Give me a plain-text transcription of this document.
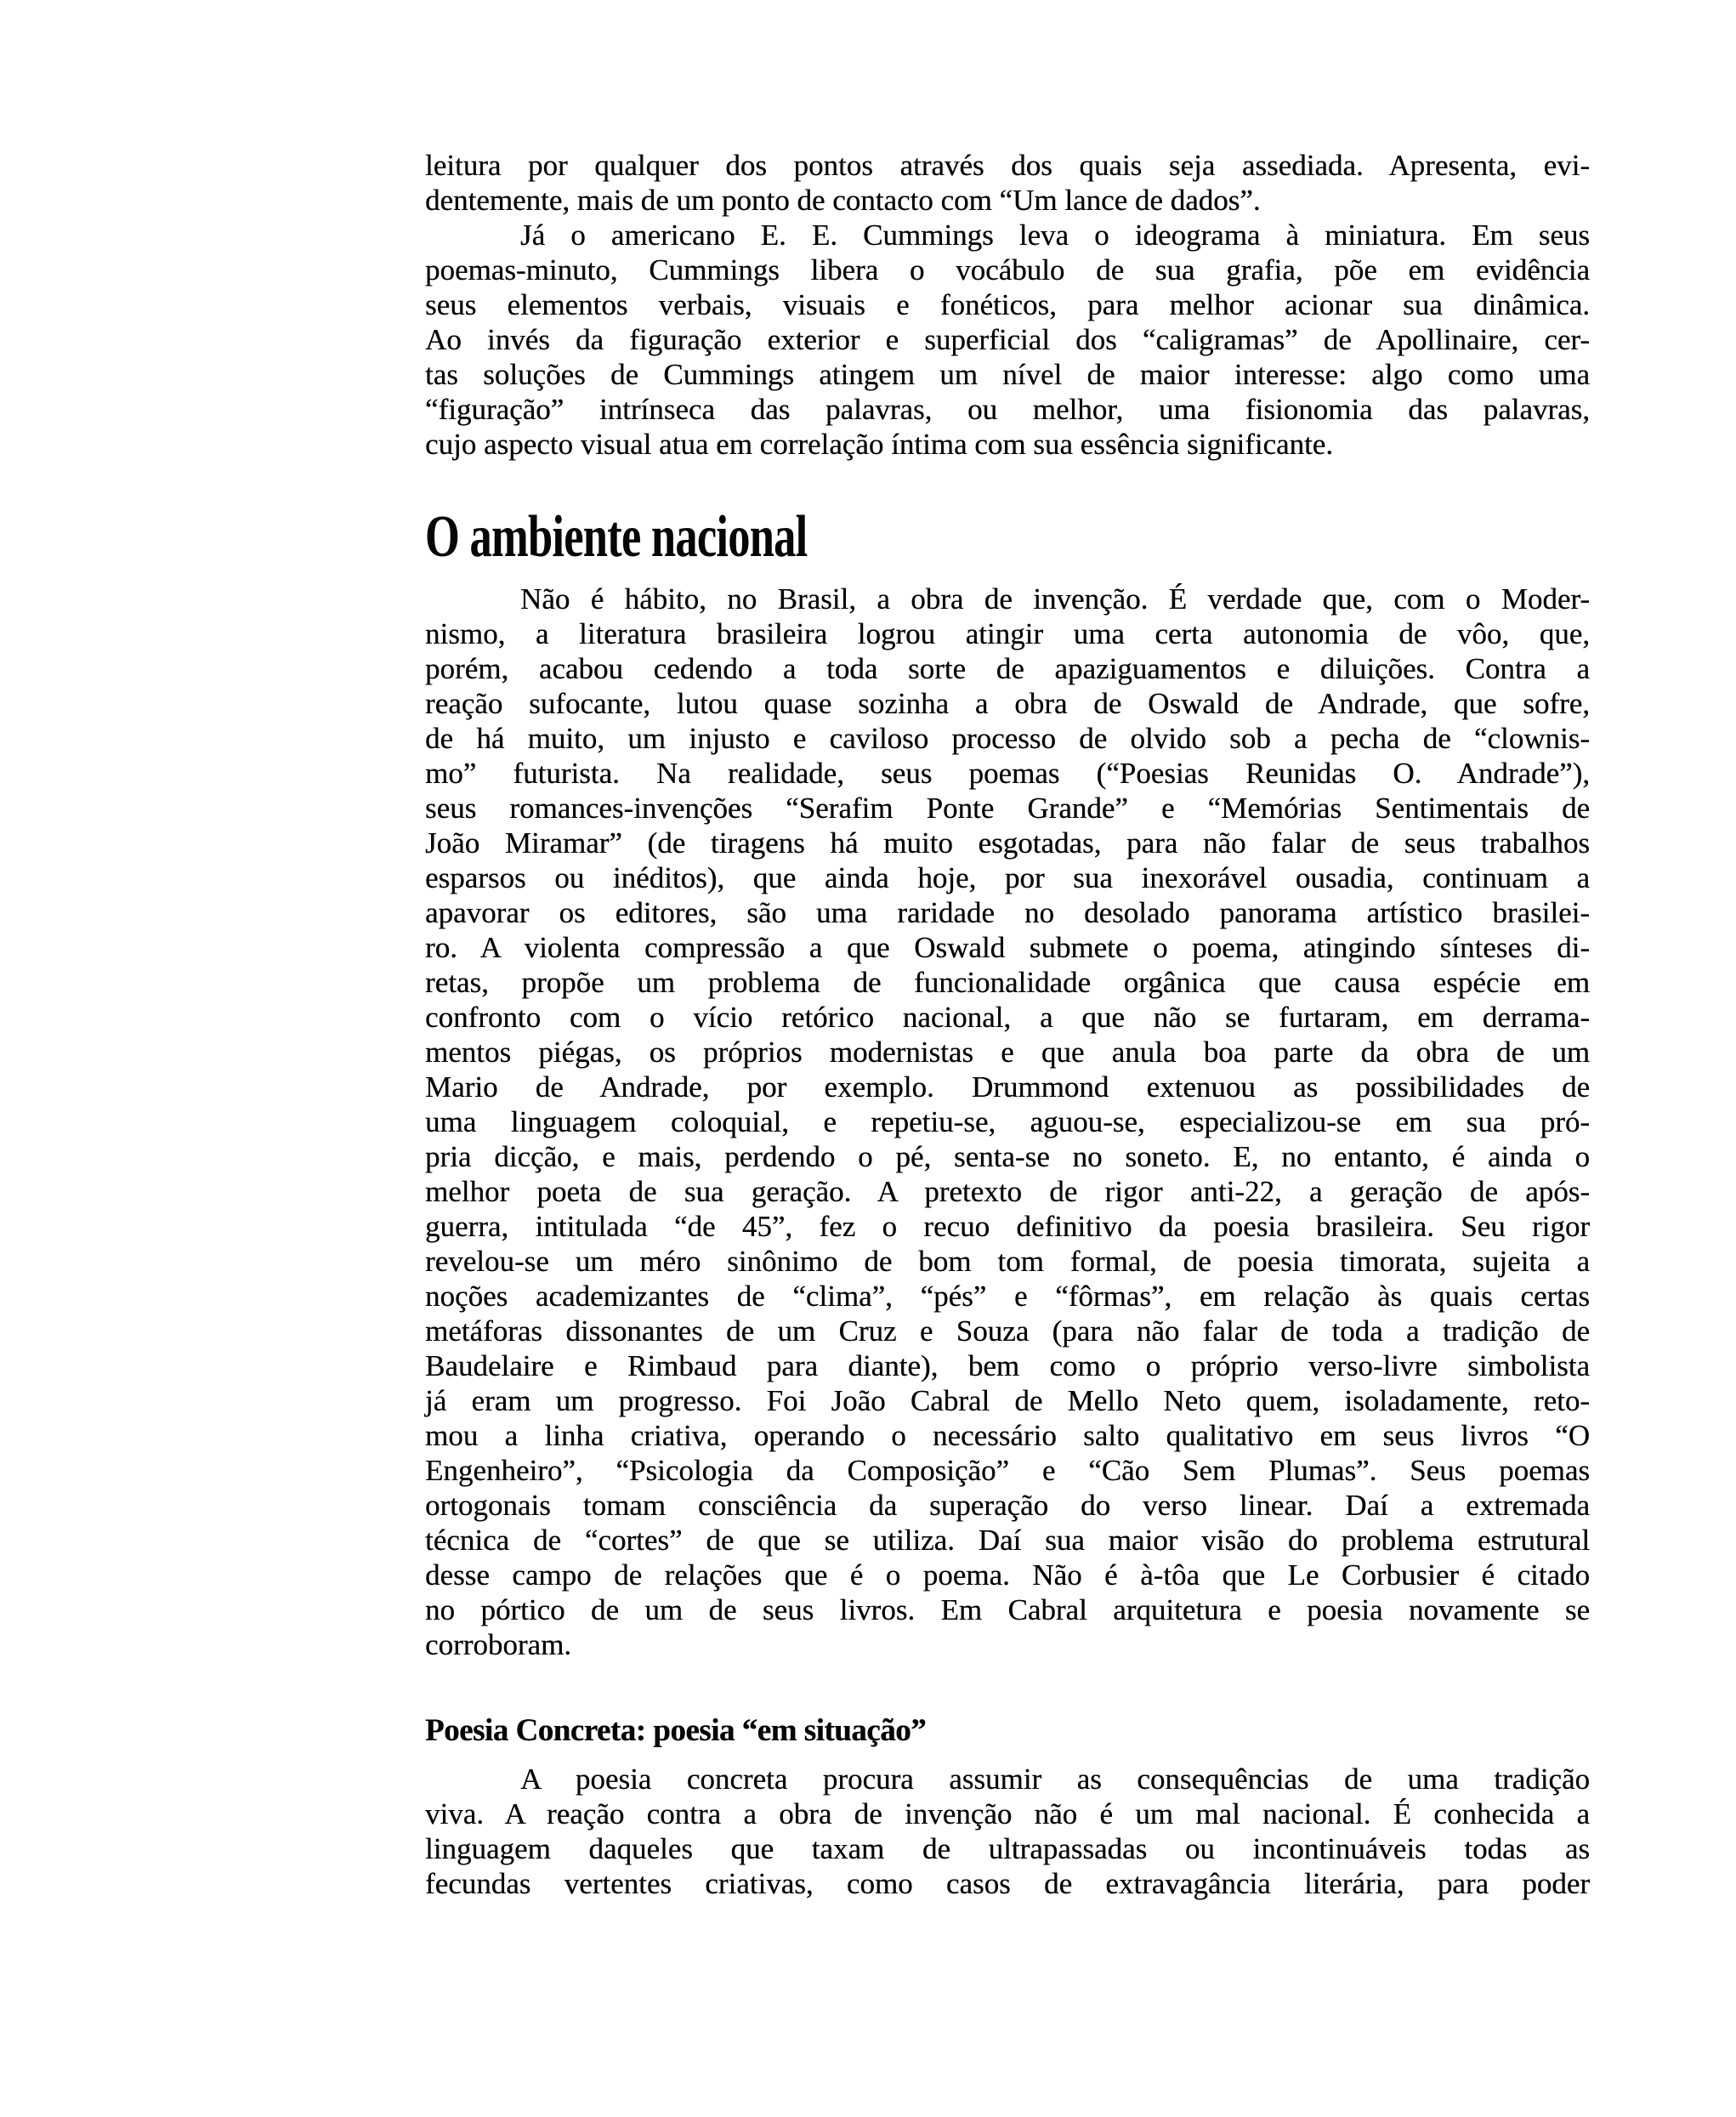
leitura por qualquer dos pontos através dos quais seja assediada. Apresenta, evi-
dentemente, mais de um ponto de contacto com “Um lance de dados”.

Já o americano E. E. Cummings leva o ideograma à miniatura. Em seus
poemas-minuto, Cummings libera o vocábulo de sua grafia, põe em evidência
seus elementos verbais, visuais e fonéticos, para melhor acionar sua dinâmica.
Ao invés da figuração exterior e superficial dos “caligramas” de Apollinaire, cer-
tas soluções de Cummings atingem um nível de maior interesse: algo como uma
“figuração” intrínseca das palavras, ou melhor, uma fisionomia das palavras,
cujo aspecto visual atua em correlação íntima com sua essência significante.

O ambiente nacional

Não é hábito, no Brasil, a obra de invenção. É verdade que, com o Moder-
nismo, a literatura brasileira logrou atingir uma certa autonomia de vôo, que,
porém, acabou cedendo a toda sorte de apaziguamentos e diluições. Contra a
reação sufocante, lutou quase sozinha a obra de Oswald de Andrade, que sofre,
de há muito, um injusto e caviloso processo de olvido sob a pecha de “clownis-
mo” futurista. Na realidade, seus poemas (“Poesias Reunidas O. Andrade”),
seus romances-invenções “Serafim Ponte Grande” e “Memórias Sentimentais de
João Miramar” (de tiragens há muito esgotadas, para não falar de seus trabalhos
esparsos ou inéditos), que ainda hoje, por sua inexorável ousadia, continuam a
apavorar os editores, são uma raridade no desolado panorama artístico brasilei-
ro. A violenta compressão a que Oswald submete o poema, atingindo sínteses di-
retas, propõe um problema de funcionalidade orgânica que causa espécie em
confronto com o vício retórico nacional, a que não se furtaram, em derrama-
mentos piégas, os próprios modernistas e que anula boa parte da obra de um
Mario de Andrade, por exemplo. Drummond extenuou as possibilidades de
uma linguagem coloquial, e repetiu-se, aguou-se, especializou-se em sua pró-
pria dicção, e mais, perdendo o pé, senta-se no soneto. E, no entanto, é ainda o
melhor poeta de sua geração. A pretexto de rigor anti-22, a geração de após-
guerra, intitulada “de 45”, fez o recuo definitivo da poesia brasileira. Seu rigor
revelou-se um méro sinônimo de bom tom formal, de poesia timorata, sujeita a
noções academizantes de “clima”, “pés” e “fôrmas”, em relação às quais certas
metáforas dissonantes de um Cruz e Souza (para não falar de toda a tradição de
Baudelaire e Rimbaud para diante), bem como o próprio verso-livre simbolista
já eram um progresso. Foi João Cabral de Mello Neto quem, isoladamente, reto-
mou a linha criativa, operando o necessário salto qualitativo em seus livros “O
Engenheiro”, “Psicologia da Composição” e “Cão Sem Plumas”. Seus poemas
ortogonais tomam consciência da superação do verso linear. Daí a extremada
técnica de “cortes” de que se utiliza. Daí sua maior visão do problema estrutural
desse campo de relações que é o poema. Não é à-tôa que Le Corbusier é citado
no pórtico de um de seus livros. Em Cabral arquitetura e poesia novamente se
corroboram.

Poesia Concreta: poesia “em situação”

A poesia concreta procura assumir as consequências de uma tradição
viva. A reação contra a obra de invenção não é um mal nacional. É conhecida a
linguagem daqueles que taxam de ultrapassadas ou incontinuáveis todas as
fecundas vertentes criativas, como casos de extravagância literária, para poder
